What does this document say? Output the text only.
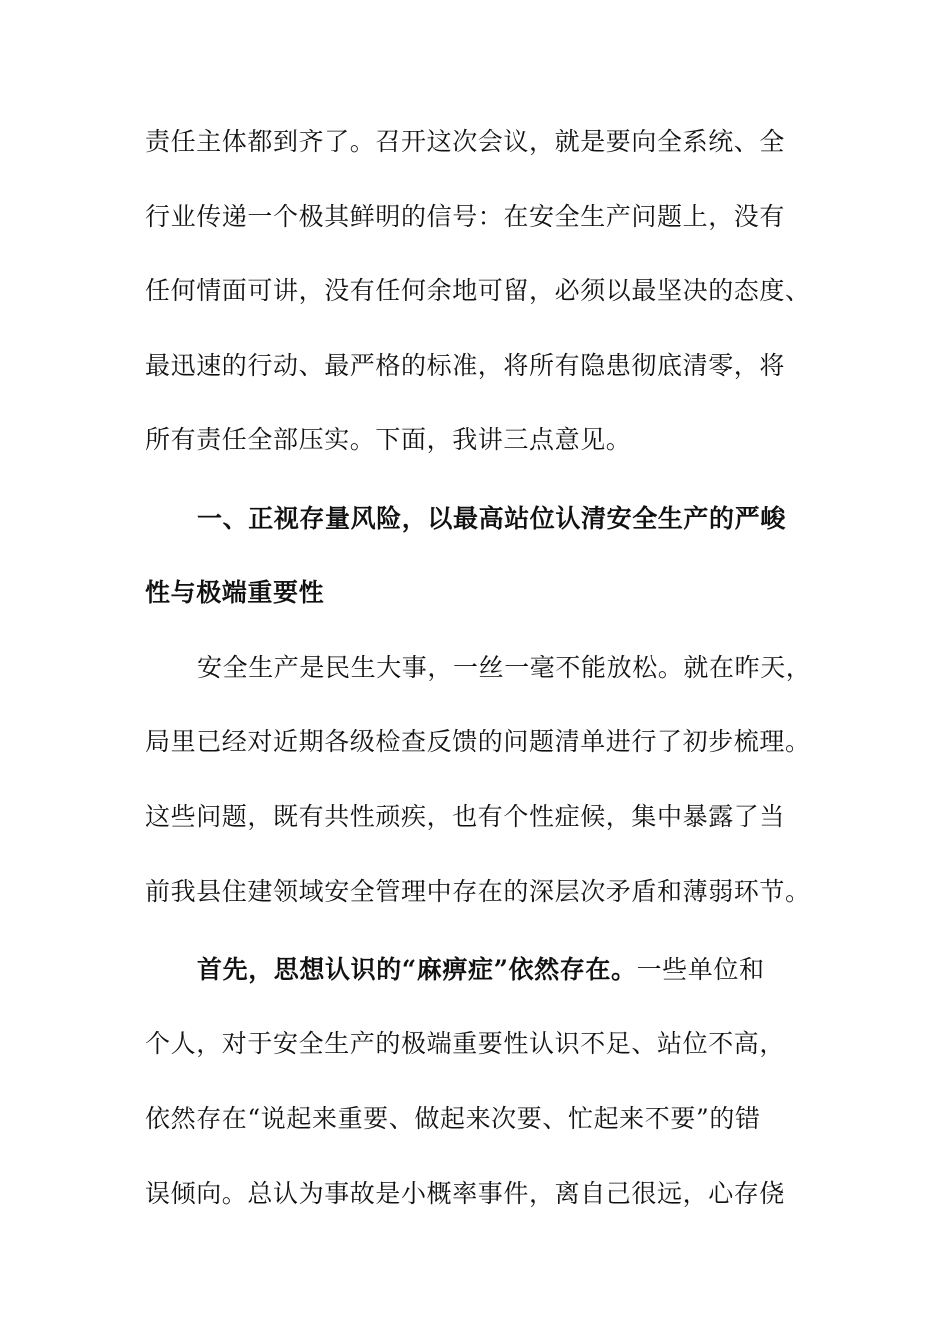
责任主体都到齐了。召开这次会议，就是要向全系统、全
行业传递一个极其鲜明的信号：在安全生产问题上，没有
任何情面可讲，没有任何余地可留，必须以最坚决的态度、
最迅速的行动、最严格的标准，将所有隐患彻底清零，将
所有责任全部压实。下面，我讲三点意见。
一、正视存量风险，以最高站位认清安全生产的严峻
性与极端重要性
安全生产是民生大事，一丝一毫不能放松。就在昨天，
局里已经对近期各级检查反馈的问题清单进行了初步梳理。
这些问题，既有共性顽疾，也有个性症候，集中暴露了当
前我县住建领域安全管理中存在的深层次矛盾和薄弱环节。
首先，思想认识的“麻痹症”依然存在。一些单位和
个人，对于安全生产的极端重要性认识不足、站位不高，
依然存在“说起来重要、做起来次要、忙起来不要”的错
误倾向。总认为事故是小概率事件，离自己很远，心存侥
